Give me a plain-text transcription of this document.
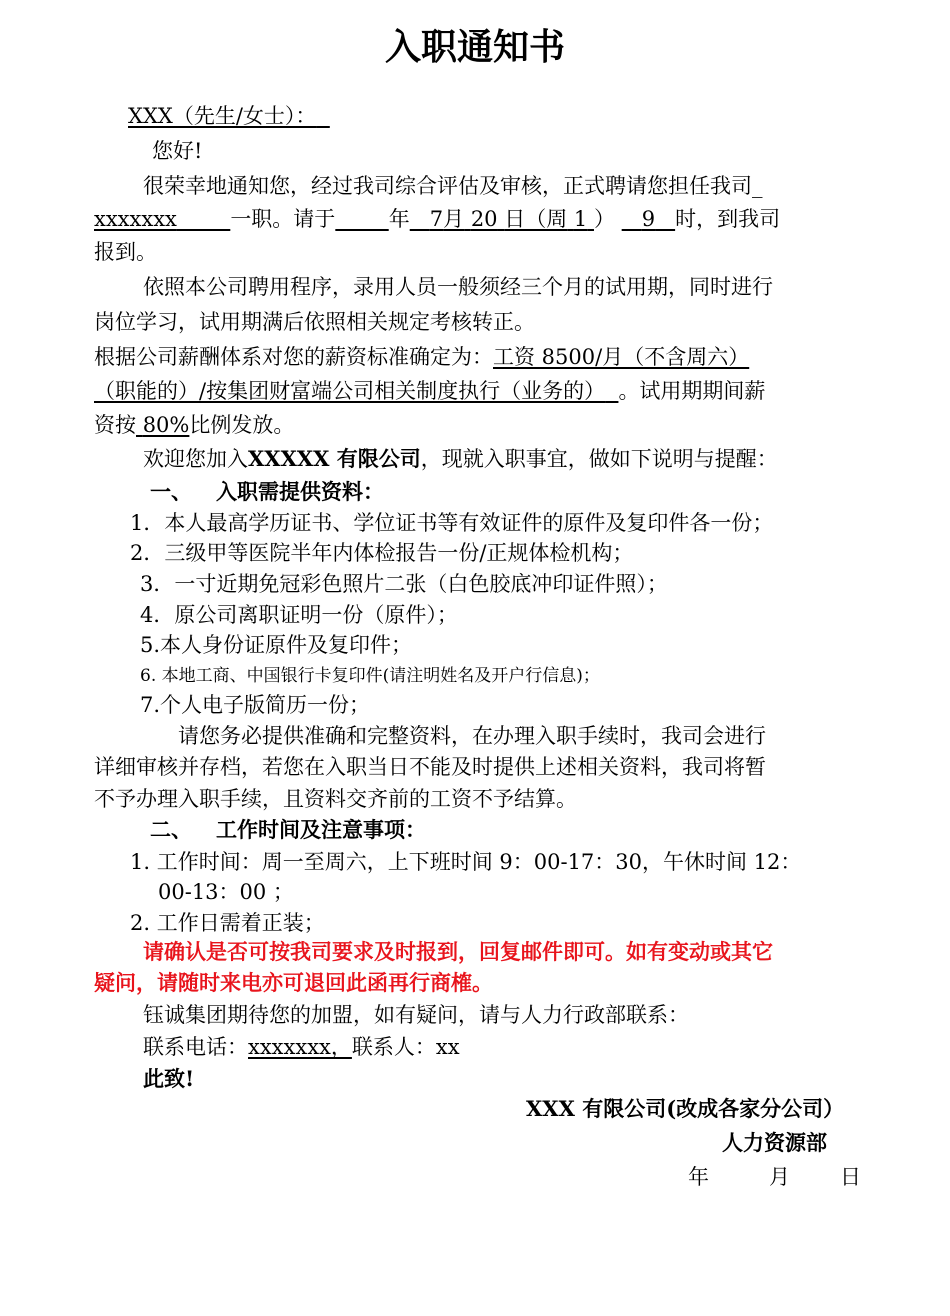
入职通知书
XXX（先生/女士）：
您好!
很荣幸地通知您，经过我司综合评估及审核，正式聘请您担任我司_
xxxxxxx	一职。请于	年 7月 20 日（周 1 ） 9 时，到我司
报到。
依照本公司聘用程序，录用人员一般须经三个月的试用期，同时进行
岗位学习，试用期满后依照相关规定考核转正。
根据公司薪酬体系对您的薪资标准确定为：工资 8500/月（不含周六）
（职能的）/按集团财富端公司相关制度执行（业务的） 。试用期期间薪
资按 80%比例发放。
欢迎您加入XXXXX 有限公司，现就入职事宜，做如下说明与提醒：
一、 入职需提供资料：
1．本人最高学历证书、学位证书等有效证件的原件及复印件各一份；
2．三级甲等医院半年内体检报告一份/正规体检机构；
3．一寸近期免冠彩色照片二张（白色胶底冲印证件照）；
4．原公司离职证明一份（原件）；
5.本人身份证原件及复印件；
6. 本地工商、中国银行卡复印件(请注明姓名及开户行信息)；
7.个人电子版简历一份；
请您务必提供准确和完整资料，在办理入职手续时，我司会进行
详细审核并存档，若您在入职当日不能及时提供上述相关资料，我司将暂
不予办理入职手续，且资料交齐前的工资不予结算。
二、 工作时间及注意事项：
1. 工作时间：周一至周六，上下班时间 9：00-17：30，午休时间 12：
00-13：00 ；
2. 工作日需着正装；
请确认是否可按我司要求及时报到，回复邮件即可。如有变动或其它
疑问，请随时来电亦可退回此函再行商榷。
钰诚集团期待您的加盟，如有疑问，请与人力行政部联系：
联系电话：xxxxxxx，联系人：xx
此致!
XXX 有限公司(改成各家分公司）
人力资源部
年	月 日
